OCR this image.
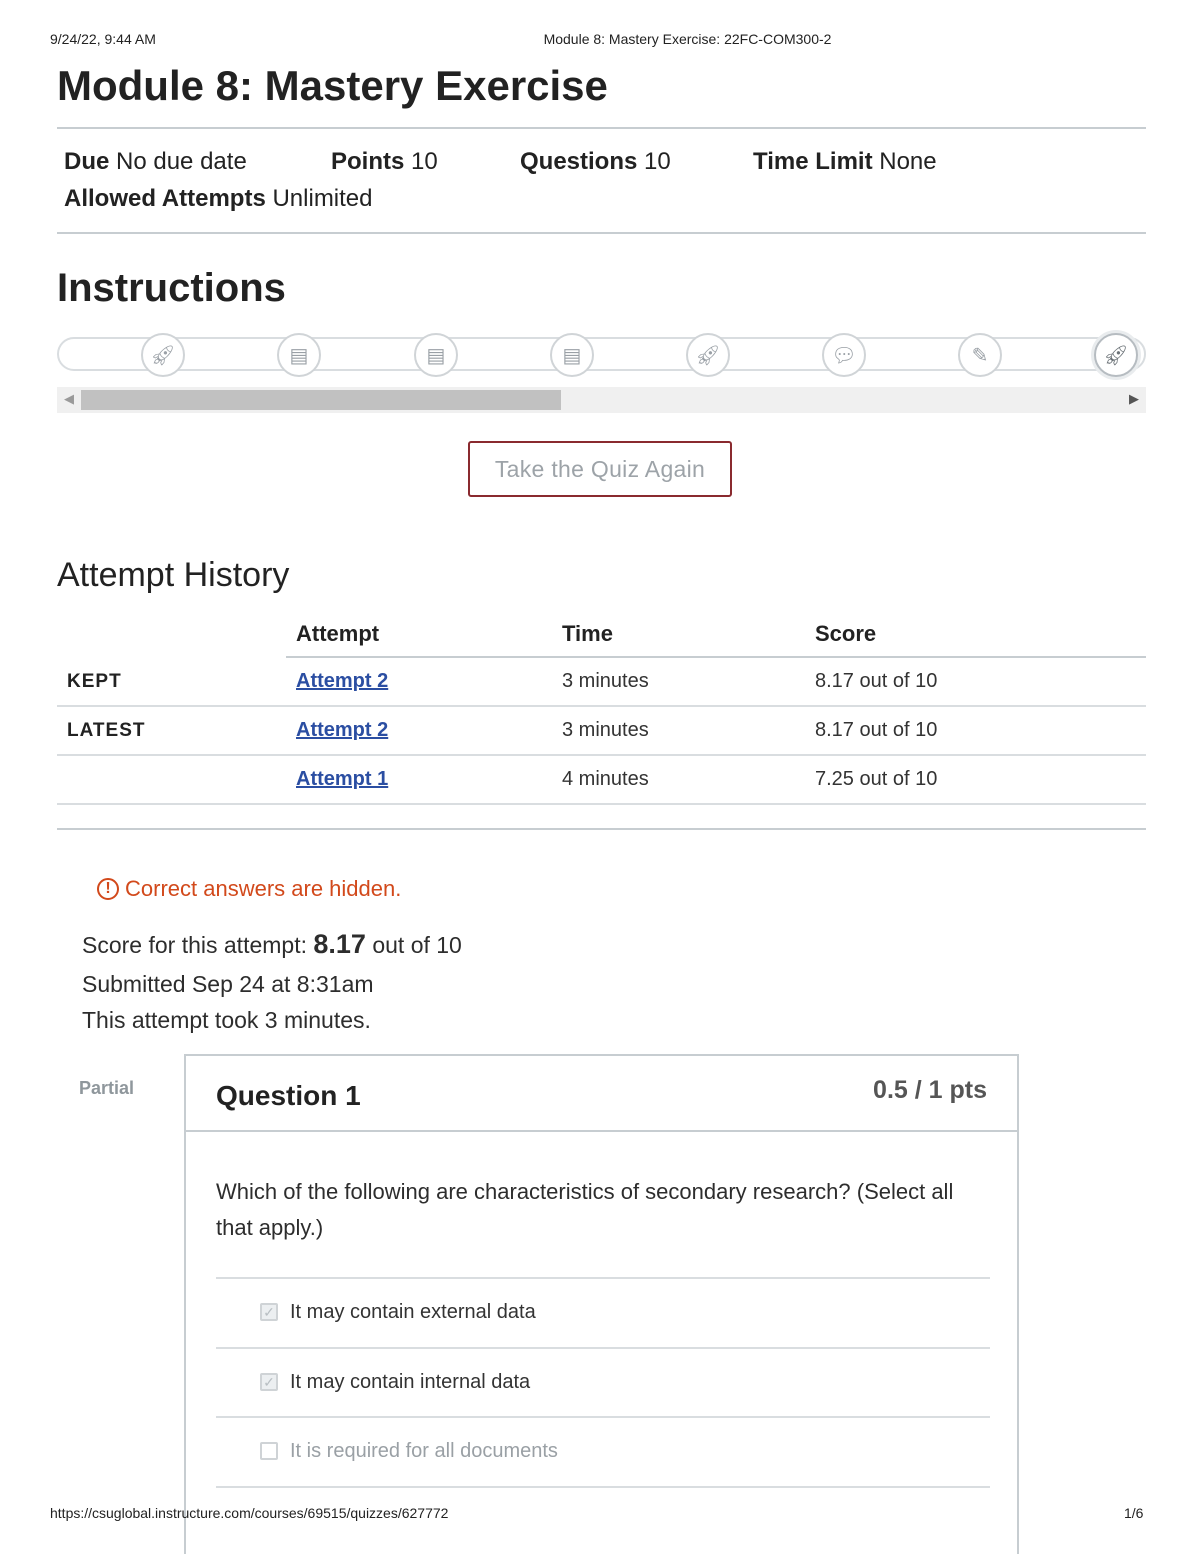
9/24/22, 9:44 AM	Module 8: Mastery Exercise: 22FC-COM300-2
Module 8: Mastery Exercise
Due No due date	Points 10	Questions 10	Time Limit None
Allowed Attempts Unlimited
Instructions
🚀︎	▤	▤	▤	🚀︎	💬︎	✎	🚀︎
◀	▶
Take the Quiz Again
Attempt History
	Attempt	Time	Score
KEPT	Attempt 2	3 minutes	8.17 out of 10
LATEST	Attempt 2	3 minutes	8.17 out of 10
	Attempt 1	4 minutes	7.25 out of 10
! Correct answers are hidden.
Score for this attempt: 8.17 out of 10
Submitted Sep 24 at 8:31am
This attempt took 3 minutes.
Partial	Question 1	0.5 / 1 pts
Which of the following are characteristics of secondary research? (Select all that apply.)
✓ It may contain external data
✓ It may contain internal data
It is required for all documents
https://csuglobal.instructure.com/courses/69515/quizzes/627772	1/6
